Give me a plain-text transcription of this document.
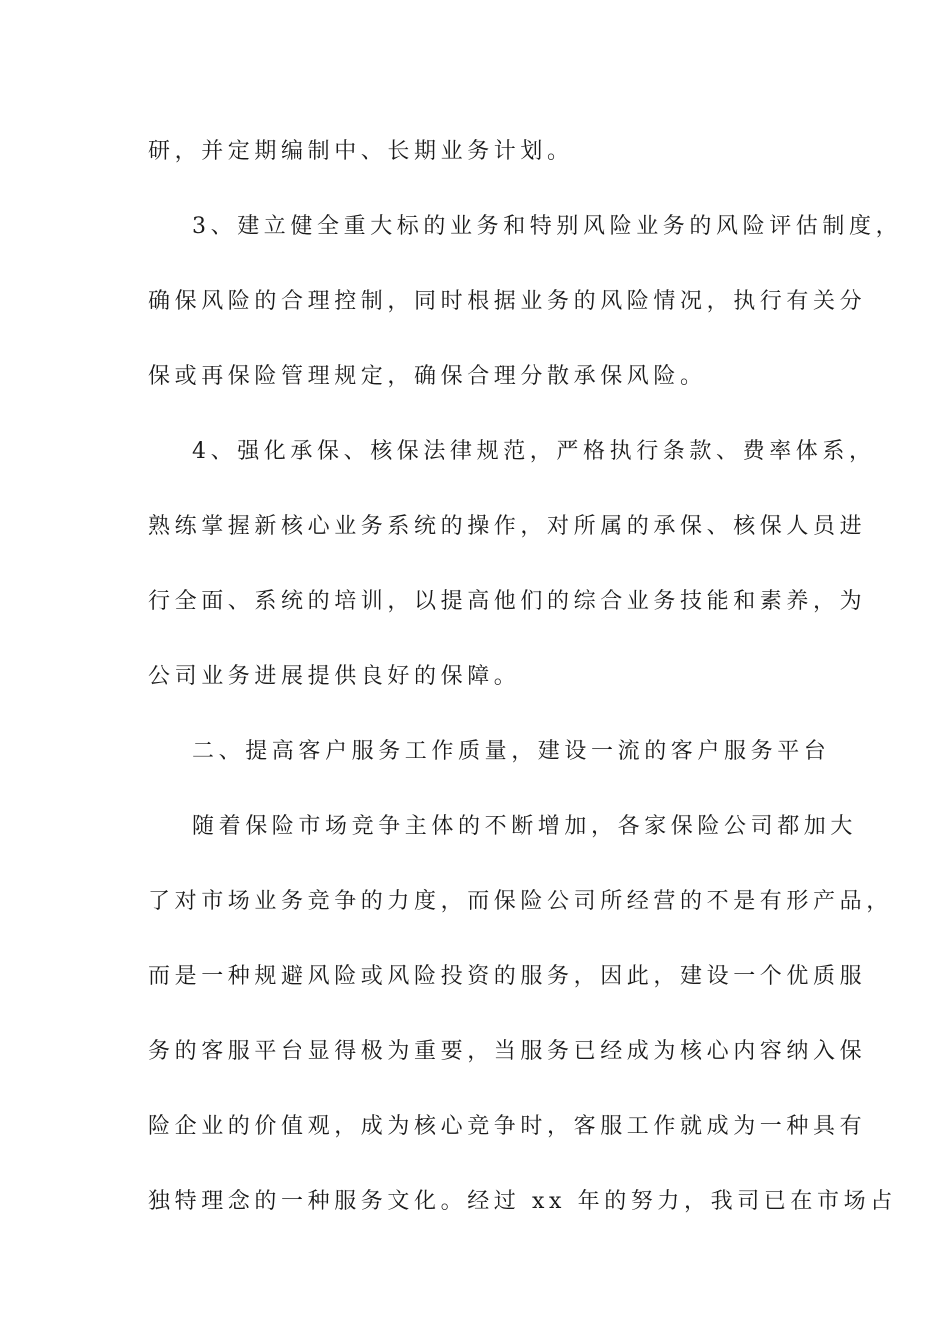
研，并定期编制中、长期业务计划。
3、建立健全重大标的业务和特别风险业务的风险评估制度，
确保风险的合理控制，同时根据业务的风险情况，执行有关分
保或再保险管理规定，确保合理分散承保风险。
4、强化承保、核保法律规范，严格执行条款、费率体系，
熟练掌握新核心业务系统的操作，对所属的承保、核保人员进
行全面、系统的培训，以提高他们的综合业务技能和素养，为
公司业务进展提供良好的保障。
二、提高客户服务工作质量，建设一流的客户服务平台
随着保险市场竞争主体的不断增加，各家保险公司都加大
了对市场业务竞争的力度，而保险公司所经营的不是有形产品，
而是一种规避风险或风险投资的服务，因此，建设一个优质服
务的客服平台显得极为重要，当服务已经成为核心内容纳入保
险企业的价值观，成为核心竞争时，客服工作就成为一种具有
独特理念的一种服务文化。经过 xx 年的努力，我司已在市场占
